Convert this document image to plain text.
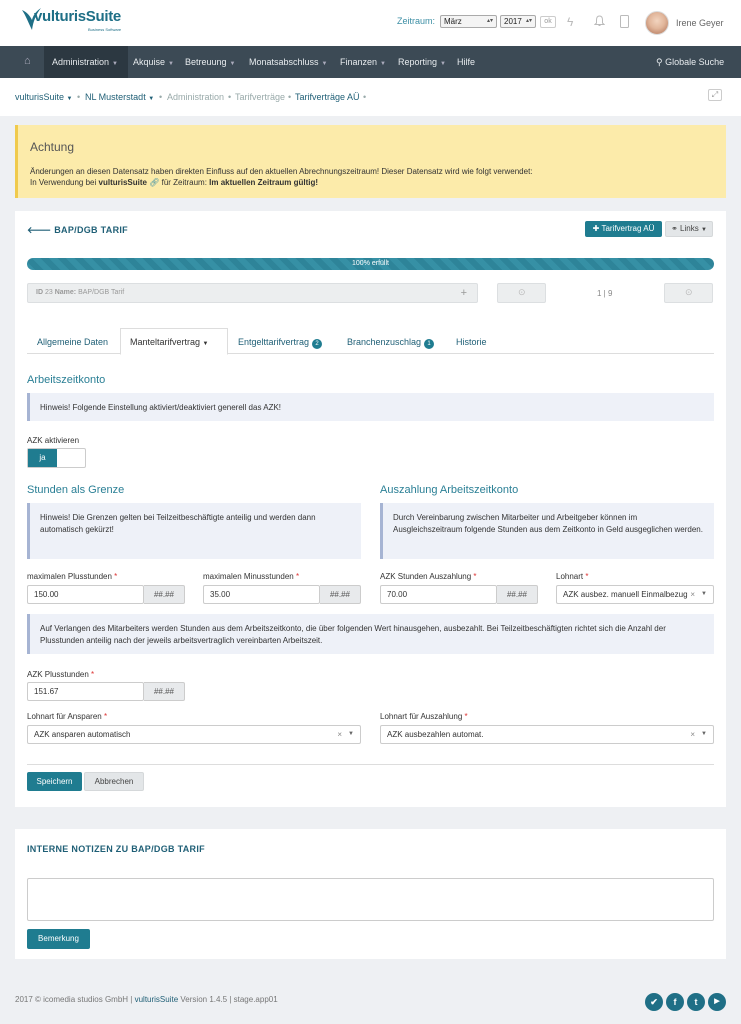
vulturisSuite
Business Software
Zeitraum:	März	▴▾	2017 ▴▾	ok	ϟ	Irene Geyer
⌂ Administration ▼ Akquise ▼ Betreuung ▼ Monatsabschluss ▼ Finanzen ▼ Reporting ▼ Hilfe	⚲ Globale Suche
vulturisSuite ▼ • NL Musterstadt ▼ • Administration • Tarifverträge • Tarifverträge AÜ •	⤢
Achtung
Änderungen an diesen Datensatz haben direkten Einfluss auf den aktuellen Abrechnungszeitraum! Dieser Datensatz wird wie folgt verwendet:
In Verwendung bei vulturisSuite 🔗︎ für Zeitraum: Im aktuellen Zeitraum gültig!
🡐 BAP/DGB TARIF	✚ Tarifvertrag AÜ	⚭ Links ▼
100% erfüllt
ID 23 Name: BAP/DGB Tarif	+	⊙	1 | 9	⊙
Allgemeine Daten Manteltarifvertrag ▼	Entgelttarifvertrag 2	Branchenzuschlag 1	Historie
Arbeitszeitkonto
Hinweis! Folgende Einstellung aktiviert/deaktiviert generell das AZK!
AZK aktivieren
ja
Stunden als Grenze
Hinweis! Die Grenzen gelten bei Teilzeitbeschäftigte anteilig und werden dann automatisch gekürzt!
Auszahlung Arbeitszeitkonto
Durch Vereinbarung zwischen Mitarbeiter und Arbeitgeber können im Ausgleichszeitraum folgende Stunden aus dem Zeitkonto in Geld ausgeglichen werden.
maximalen Plusstunden *
150.00	##.##
maximalen Minusstunden *
35.00	##.##
AZK Stunden Auszahlung *
70.00	##.##
Lohnart *
AZK ausbez. manuell Einmalbezug × ▼
Auf Verlangen des Mitarbeiters werden Stunden aus dem Arbeitszeitkonto, die über folgenden Wert hinausgehen, ausbezahlt. Bei Teilzeitbeschäftigten richtet sich die Anzahl der Plusstunden anteilig nach der jeweils arbeitsvertraglich vereinbarten Arbeitszeit.
AZK Plusstunden *
151.67	##.##
Lohnart für Ansparen *
AZK ansparen automatisch	× ▼
Lohnart für Auszahlung *
AZK ausbezahlen automat.	× ▼
Speichern	Abbrechen
INTERNE NOTIZEN ZU BAP/DGB TARIF
Bemerkung
2017 © icomedia studios GmbH | vulturisSuite Version 1.4.5 | stage.app01	✔︎	f	t	▶
